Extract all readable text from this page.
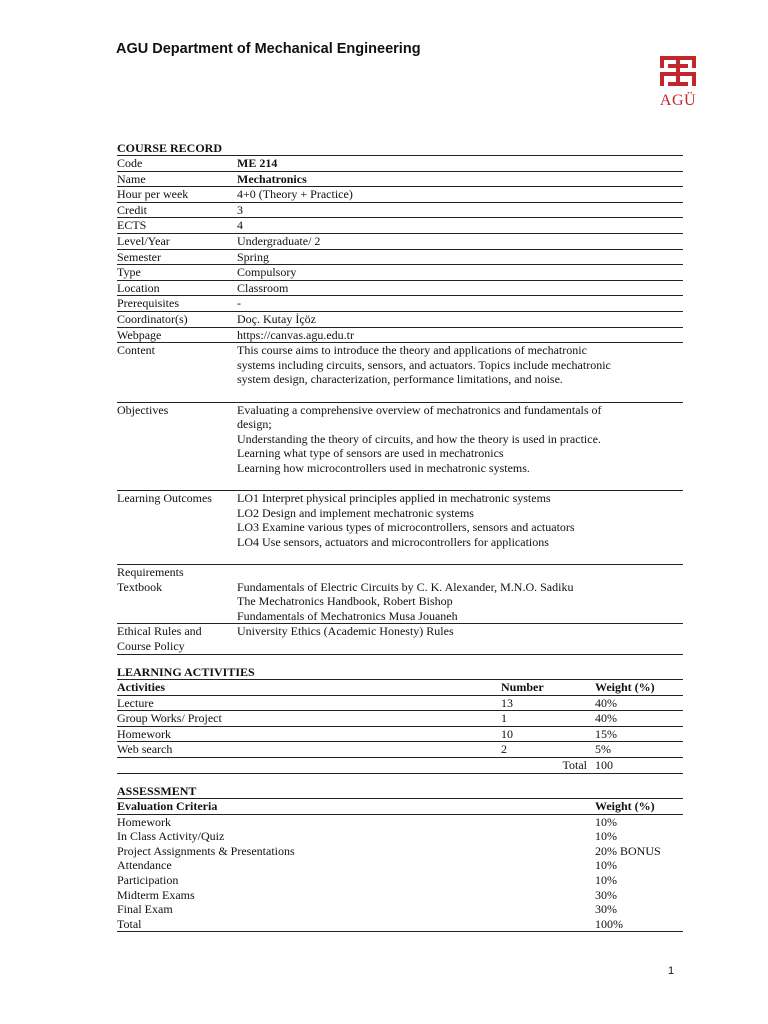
AGU Department of Mechanical Engineering
AGÜ
COURSE RECORD
Code	ME 214

Name	Mechatronics

Hour per week	4+0 (Theory + Practice)

Credit	3

ECTS	4

Level/Year	Undergraduate/ 2

Semester	Spring

Type	Compulsory

Location	Classroom

Prerequisites	-

Coordinator(s)	Doç. Kutay İçöz

Webpage	https://canvas.agu.edu.tr

Content	This course aims to introduce the theory and applications of mechatronic
systems including circuits, sensors, and actuators. Topics include mechatronic
system design, characterization, performance limitations, and noise.

Objectives	Evaluating a comprehensive overview of mechatronics and fundamentals of
design;
Understanding the theory of circuits, and how the theory is used in practice.
Learning what type of sensors are used in mechatronics
Learning how microcontrollers used in mechatronic systems.

Learning Outcomes	LO1 Interpret physical principles applied in mechatronic systems
LO2 Design and implement mechatronic systems
LO3 Examine various types of microcontrollers, sensors and actuators
LO4 Use sensors, actuators and microcontrollers for applications

Requirements	

Textbook	Fundamentals of Electric Circuits by C. K. Alexander, M.N.O. Sadiku
The Mechatronics Handbook, Robert Bishop
Fundamentals of Mechatronics Musa Jouaneh

Ethical Rules and Course Policy	University Ethics (Academic Honesty) Rules

LEARNING ACTIVITIES
Activities	Number	Weight (%)
Lecture	13	40%
Group Works/ Project	1	40%
Homework	10	15%
Web search	2	5%
	Total	100
ASSESSMENT
Evaluation Criteria	Weight (%)
Homework	10%
In Class Activity/Quiz	10%
Project Assignments & Presentations	20% BONUS
Attendance	10%
Participation	10%
Midterm Exams	30%
Final Exam	30%
Total	100%
1
